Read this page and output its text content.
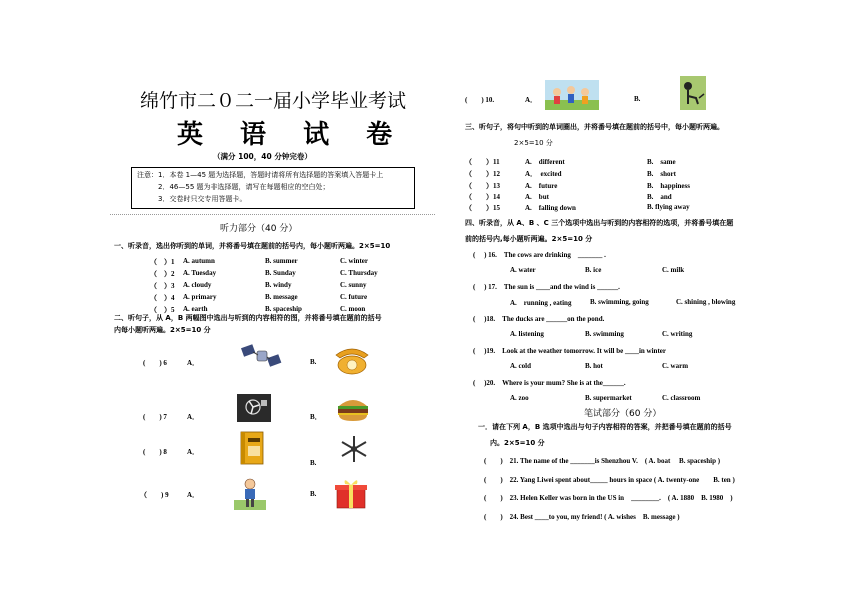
绵竹市二０二一届小学毕业考试
英 语 试 卷
（满分 100，40 分钟完卷）
注意：1．本卷 1—45 题为选择题，答题时请将所有选择题的答案填入答题卡上
2．46—55 题为非选择题，请写在每题相应的空白处；
3．交卷时只交专用答题卡。
听力部分（40 分）
一、听录音，选出你听到的单词，并将番号填在题前的括号内，每小题听两遍。2×5=10
（　）1 A. autumn	B. summer	C. winter
（　）2 A. Tuesday	B. Sunday	C. Thursday
（　）3 A. cloudy	B. windy	C. sunny
（　）4 A. primary	B. message	C. future
（　）5 A. earth	B. spaceship	C. moon
二、听句子，从 A，B 两幅图中选出与听到的内容相符的图，并将番号填在题前的括号
内每小题听两遍。2×5=10 分
(　　) 6	A．	B.
(　　) 7	A．	B．
(　　) 8	A．
B.
（　　) 9	A．	B.
(　　) 10.	A．	B.
三、听句子，将句中听到的单词圈出，并将番号填在题前的括号中，每小题听两遍。
2×5=10 分
（　　）11	A.　different	B.　same
（　　）12	A．　excited	B.　short
（　　）13	A.　future	B.　happiness
（　　）14	A.　but	B.　and
（　　）15	A.　falling down	B. flying away
四、听录音，从 A、B 、C 三个选项中选出与听到的内容相符的选项，并将番号填在题
前的括号内,每小题听两遍。2×5=10 分
(　 ) 16.　The cows are drinking　_______ .
A. water	B. ice	C. milk
(　 ) 17.　The sun is ____and the wind is ______.
A.　running , eating	B. swimming, going	C. shining , blowing
(　 )18.　The ducks are ______on the pond.
A. listening	B. swimming	C. writing
(　 )19.　Look at the weather tomorrow. It will be ____in winter
A. cold	B. hot	C. warm
(　 )20.　Where is your mum? She is at the______.
A. zoo	B. supermarket	C. classroom
笔试部分（60 分）
一．请在下列 A，B 选项中选出与句子内容相符的答案，并把番号填在题前的括号
内。2×5=10 分
(　　)　21. The name of the _______is Shenzhou V.　( A. boat　 B. spaceship )
(　　)　22. Yang Liwei spent about_____ hours in space ( A. twenty-one　　B. ten )
(　　)　23. Helen Keller was born in the US in　________.　( A. 1880　B. 1980　)
(　　)　24. Best ____to you, my friend! ( A. wishes　B. message )
